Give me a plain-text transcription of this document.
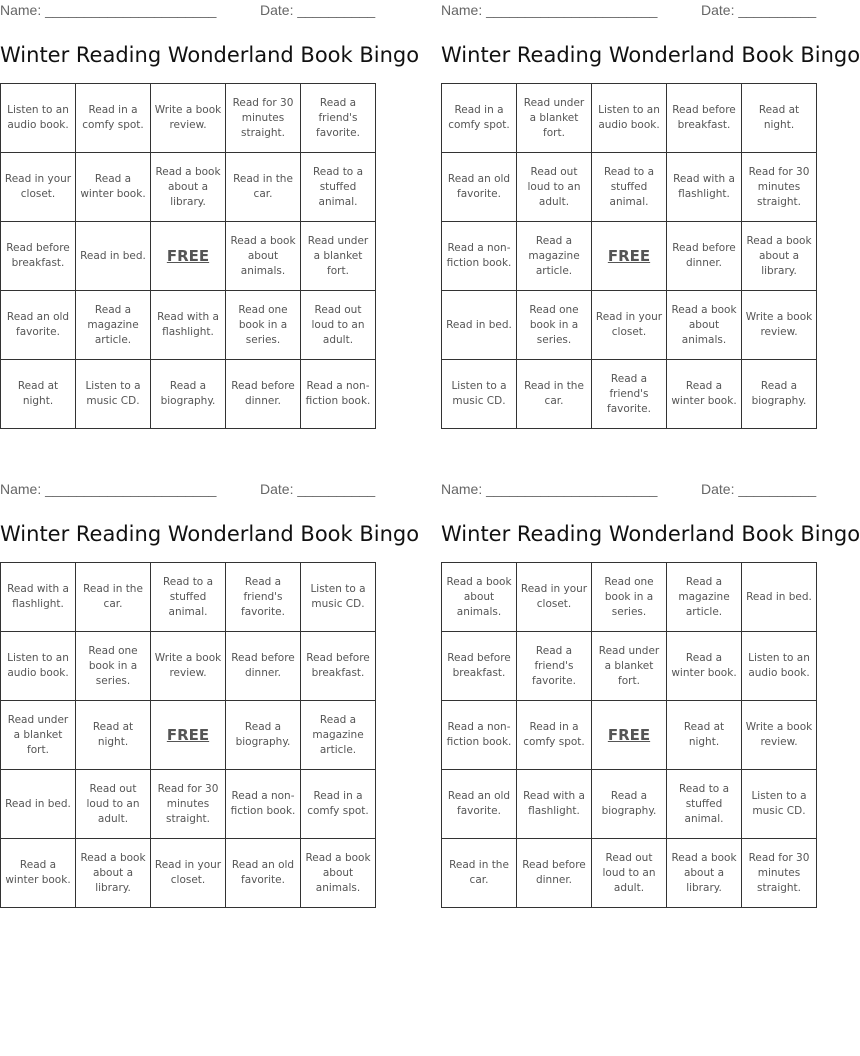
Name: ______________________	Date: __________
Winter Reading Wonderland Book Bingo
Listen to an audio book.	Read in a comfy spot.	Write a book review.	Read for 30 minutes straight.	Read a friend's favorite.
Read in your closet.	Read a winter book.	Read a book about a library.	Read in the car.	Read to a stuffed animal.
Read before breakfast.	Read in bed.	FREE	Read a book about animals.	Read under a blanket fort.
Read an old favorite.	Read a magazine article.	Read with a flashlight.	Read one book in a series.	Read out loud to an adult.
Read at night.	Listen to a music CD.	Read a biography.	Read before dinner.	Read a non-fiction book.
Name: ______________________	Date: __________
Winter Reading Wonderland Book Bingo
Read in a comfy spot.	Read under a blanket fort.	Listen to an audio book.	Read before breakfast.	Read at night.
Read an old favorite.	Read out loud to an adult.	Read to a stuffed animal.	Read with a flashlight.	Read for 30 minutes straight.
Read a non-fiction book.	Read a magazine article.	FREE	Read before dinner.	Read a book about a library.
Read in bed.	Read one book in a series.	Read in your closet.	Read a book about animals.	Write a book review.
Listen to a music CD.	Read in the car.	Read a friend's favorite.	Read a winter book.	Read a biography.
Name: ______________________	Date: __________
Winter Reading Wonderland Book Bingo
Read with a flashlight.	Read in the car.	Read to a stuffed animal.	Read a friend's favorite.	Listen to a music CD.
Listen to an audio book.	Read one book in a series.	Write a book review.	Read before dinner.	Read before breakfast.
Read under a blanket fort.	Read at night.	FREE	Read a biography.	Read a magazine article.
Read in bed.	Read out loud to an adult.	Read for 30 minutes straight.	Read a non-fiction book.	Read in a comfy spot.
Read a winter book.	Read a book about a library.	Read in your closet.	Read an old favorite.	Read a book about animals.
Name: ______________________	Date: __________
Winter Reading Wonderland Book Bingo
Read a book about animals.	Read in your closet.	Read one book in a series.	Read a magazine article.	Read in bed.
Read before breakfast.	Read a friend's favorite.	Read under a blanket fort.	Read a winter book.	Listen to an audio book.
Read a non-fiction book.	Read in a comfy spot.	FREE	Read at night.	Write a book review.
Read an old favorite.	Read with a flashlight.	Read a biography.	Read to a stuffed animal.	Listen to a music CD.
Read in the car.	Read before dinner.	Read out loud to an adult.	Read a book about a library.	Read for 30 minutes straight.
